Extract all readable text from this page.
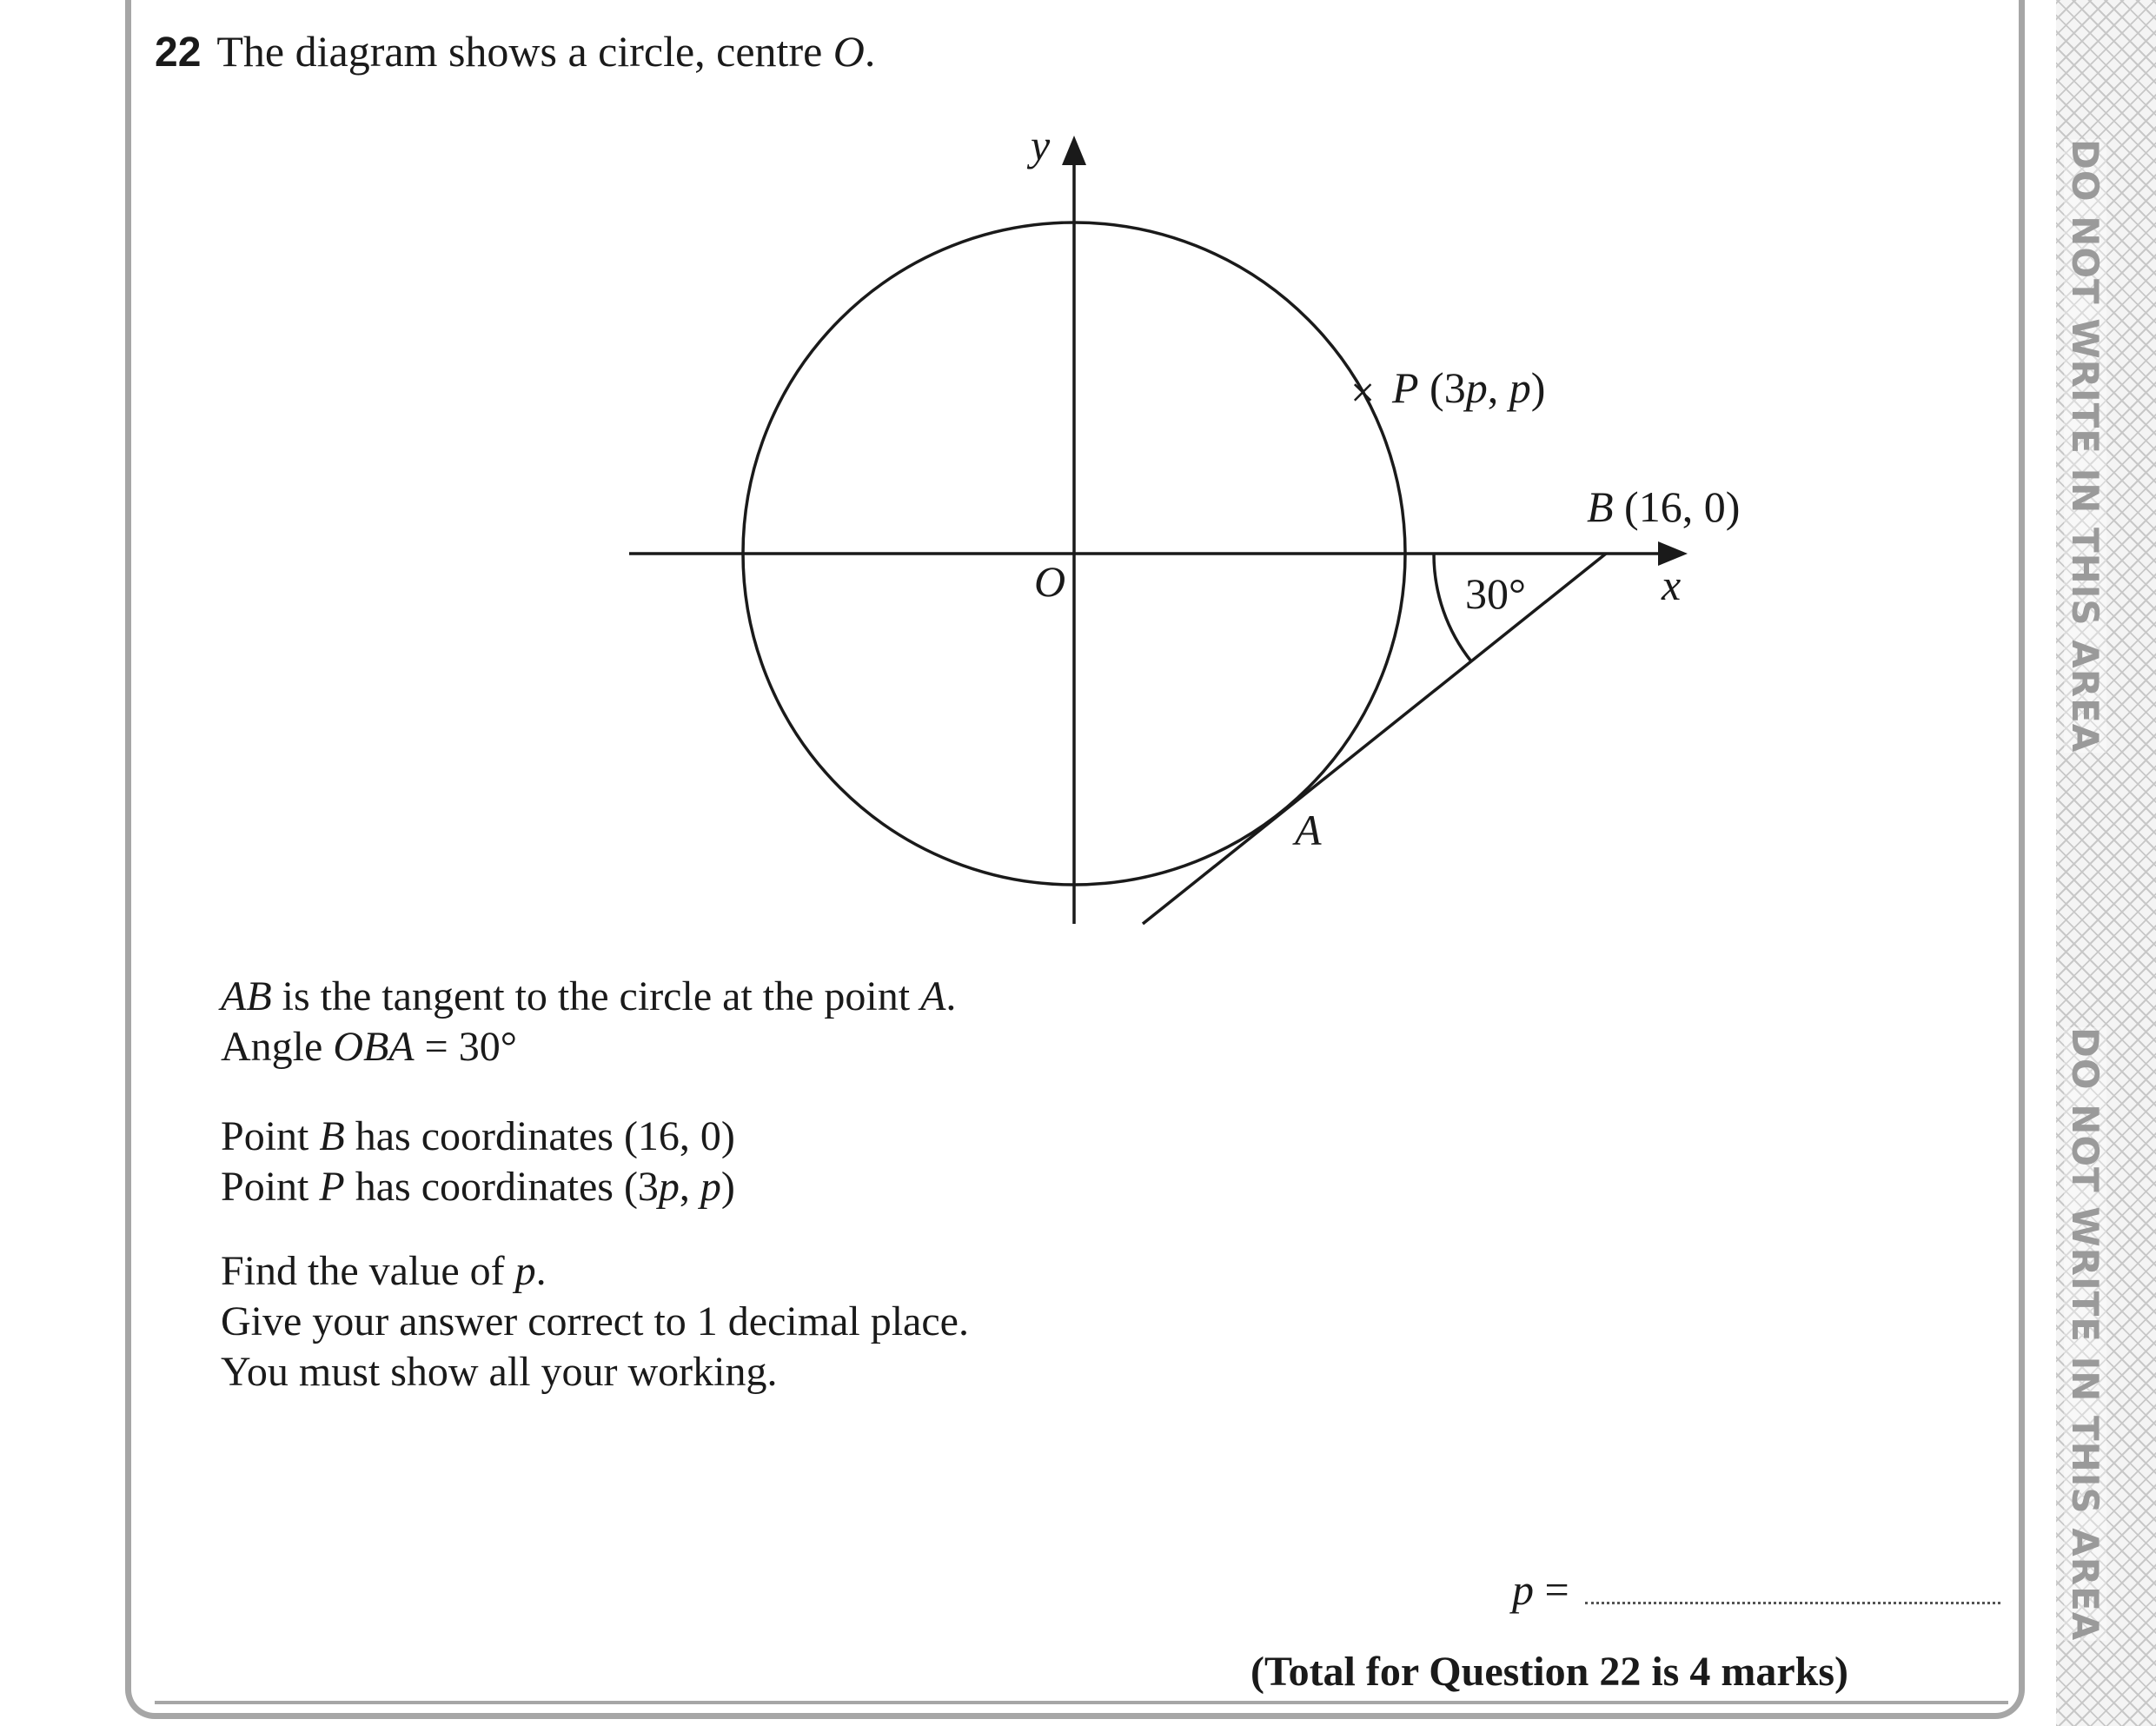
22 The diagram shows a circle, centre O.
y
x
O
× P (3p, p)
B (16, 0)
A
30°
AB is the tangent to the circle at the point A.
Angle OBA = 30°
Point B has coordinates (16, 0)
Point P has coordinates (3p, p)
Find the value of p.
Give your answer correct to 1 decimal place.
You must show all your working.
p =
(Total for Question 22 is 4 marks)
DO NOT WRITE IN THIS AREA
DO NOT WRITE IN THIS AREA
